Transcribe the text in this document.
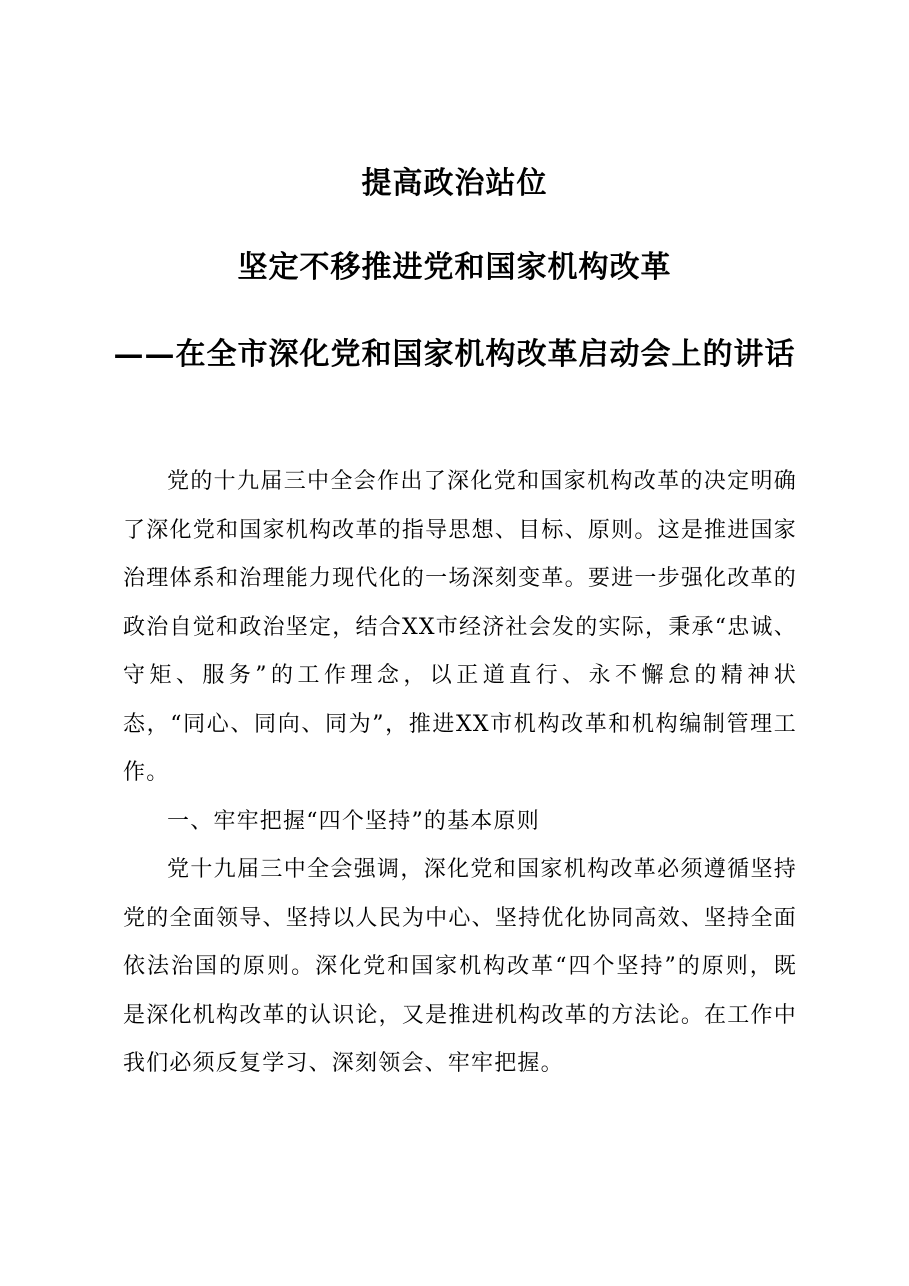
提高政治站位
坚定不移推进党和国家机构改革
——在全市深化党和国家机构改革启动会上的讲话

党的十九届三中全会作出了深化党和国家机构改革的决定明确了深化党和国家机构改革的指导思想、目标、原则。这是推进国家治理体系和治理能力现代化的一场深刻变革。要进一步强化改革的政治自觉和政治坚定，结合XX市经济社会发的实际，秉承“忠诚、守矩、服务”的工作理念，以正道直行、永不懈怠的精神状态，“同心、同向、同为”，推进XX市机构改革和机构编制管理工作。

一、牢牢把握“四个坚持”的基本原则

党十九届三中全会强调，深化党和国家机构改革必须遵循坚持党的全面领导、坚持以人民为中心、坚持优化协同高效、坚持全面依法治国的原则。深化党和国家机构改革“四个坚持”的原则，既是深化机构改革的认识论，又是推进机构改革的方法论。在工作中我们必须反复学习、深刻领会、牢牢把握。
